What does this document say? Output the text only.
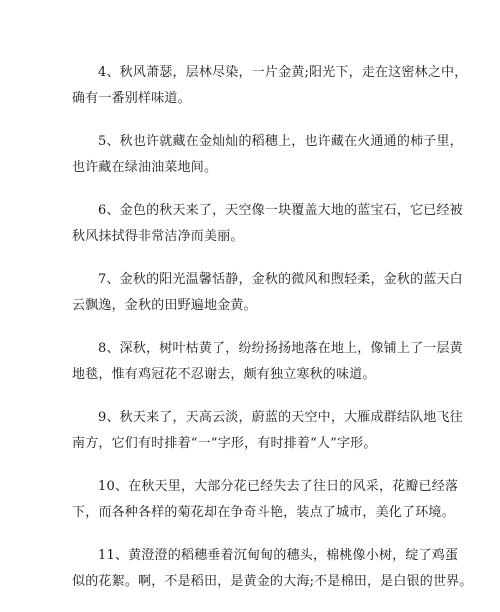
4、秋风萧瑟，层林尽染，一片金黄;阳光下，走在这密林之中，
确有一番别样味道。
5、秋也许就藏在金灿灿的稻穗上，也许藏在火通通的柿子里，
也许藏在绿油油菜地间。
6、金色的秋天来了，天空像一块覆盖大地的蓝宝石，它已经被
秋风抹拭得非常洁净而美丽。
7、金秋的阳光温馨恬静，金秋的微风和煦轻柔，金秋的蓝天白
云飘逸，金秋的田野遍地金黄。
8、深秋，树叶枯黄了，纷纷扬扬地落在地上，像铺上了一层黄
地毯，惟有鸡冠花不忍谢去，颇有独立寒秋的味道。
9、秋天来了，天高云淡，蔚蓝的天空中，大雁成群结队地飞往
南方，它们有时排着“一”字形，有时排着“人”字形。
10、在秋天里，大部分花已经失去了往日的风采，花瓣已经落
下，而各种各样的菊花却在争奇斗艳，装点了城市，美化了环境。
11、黄澄澄的稻穗垂着沉甸甸的穗头，棉桃像小树，绽了鸡蛋
似的花絮。啊，不是稻田，是黄金的大海;不是棉田，是白银的世界。
